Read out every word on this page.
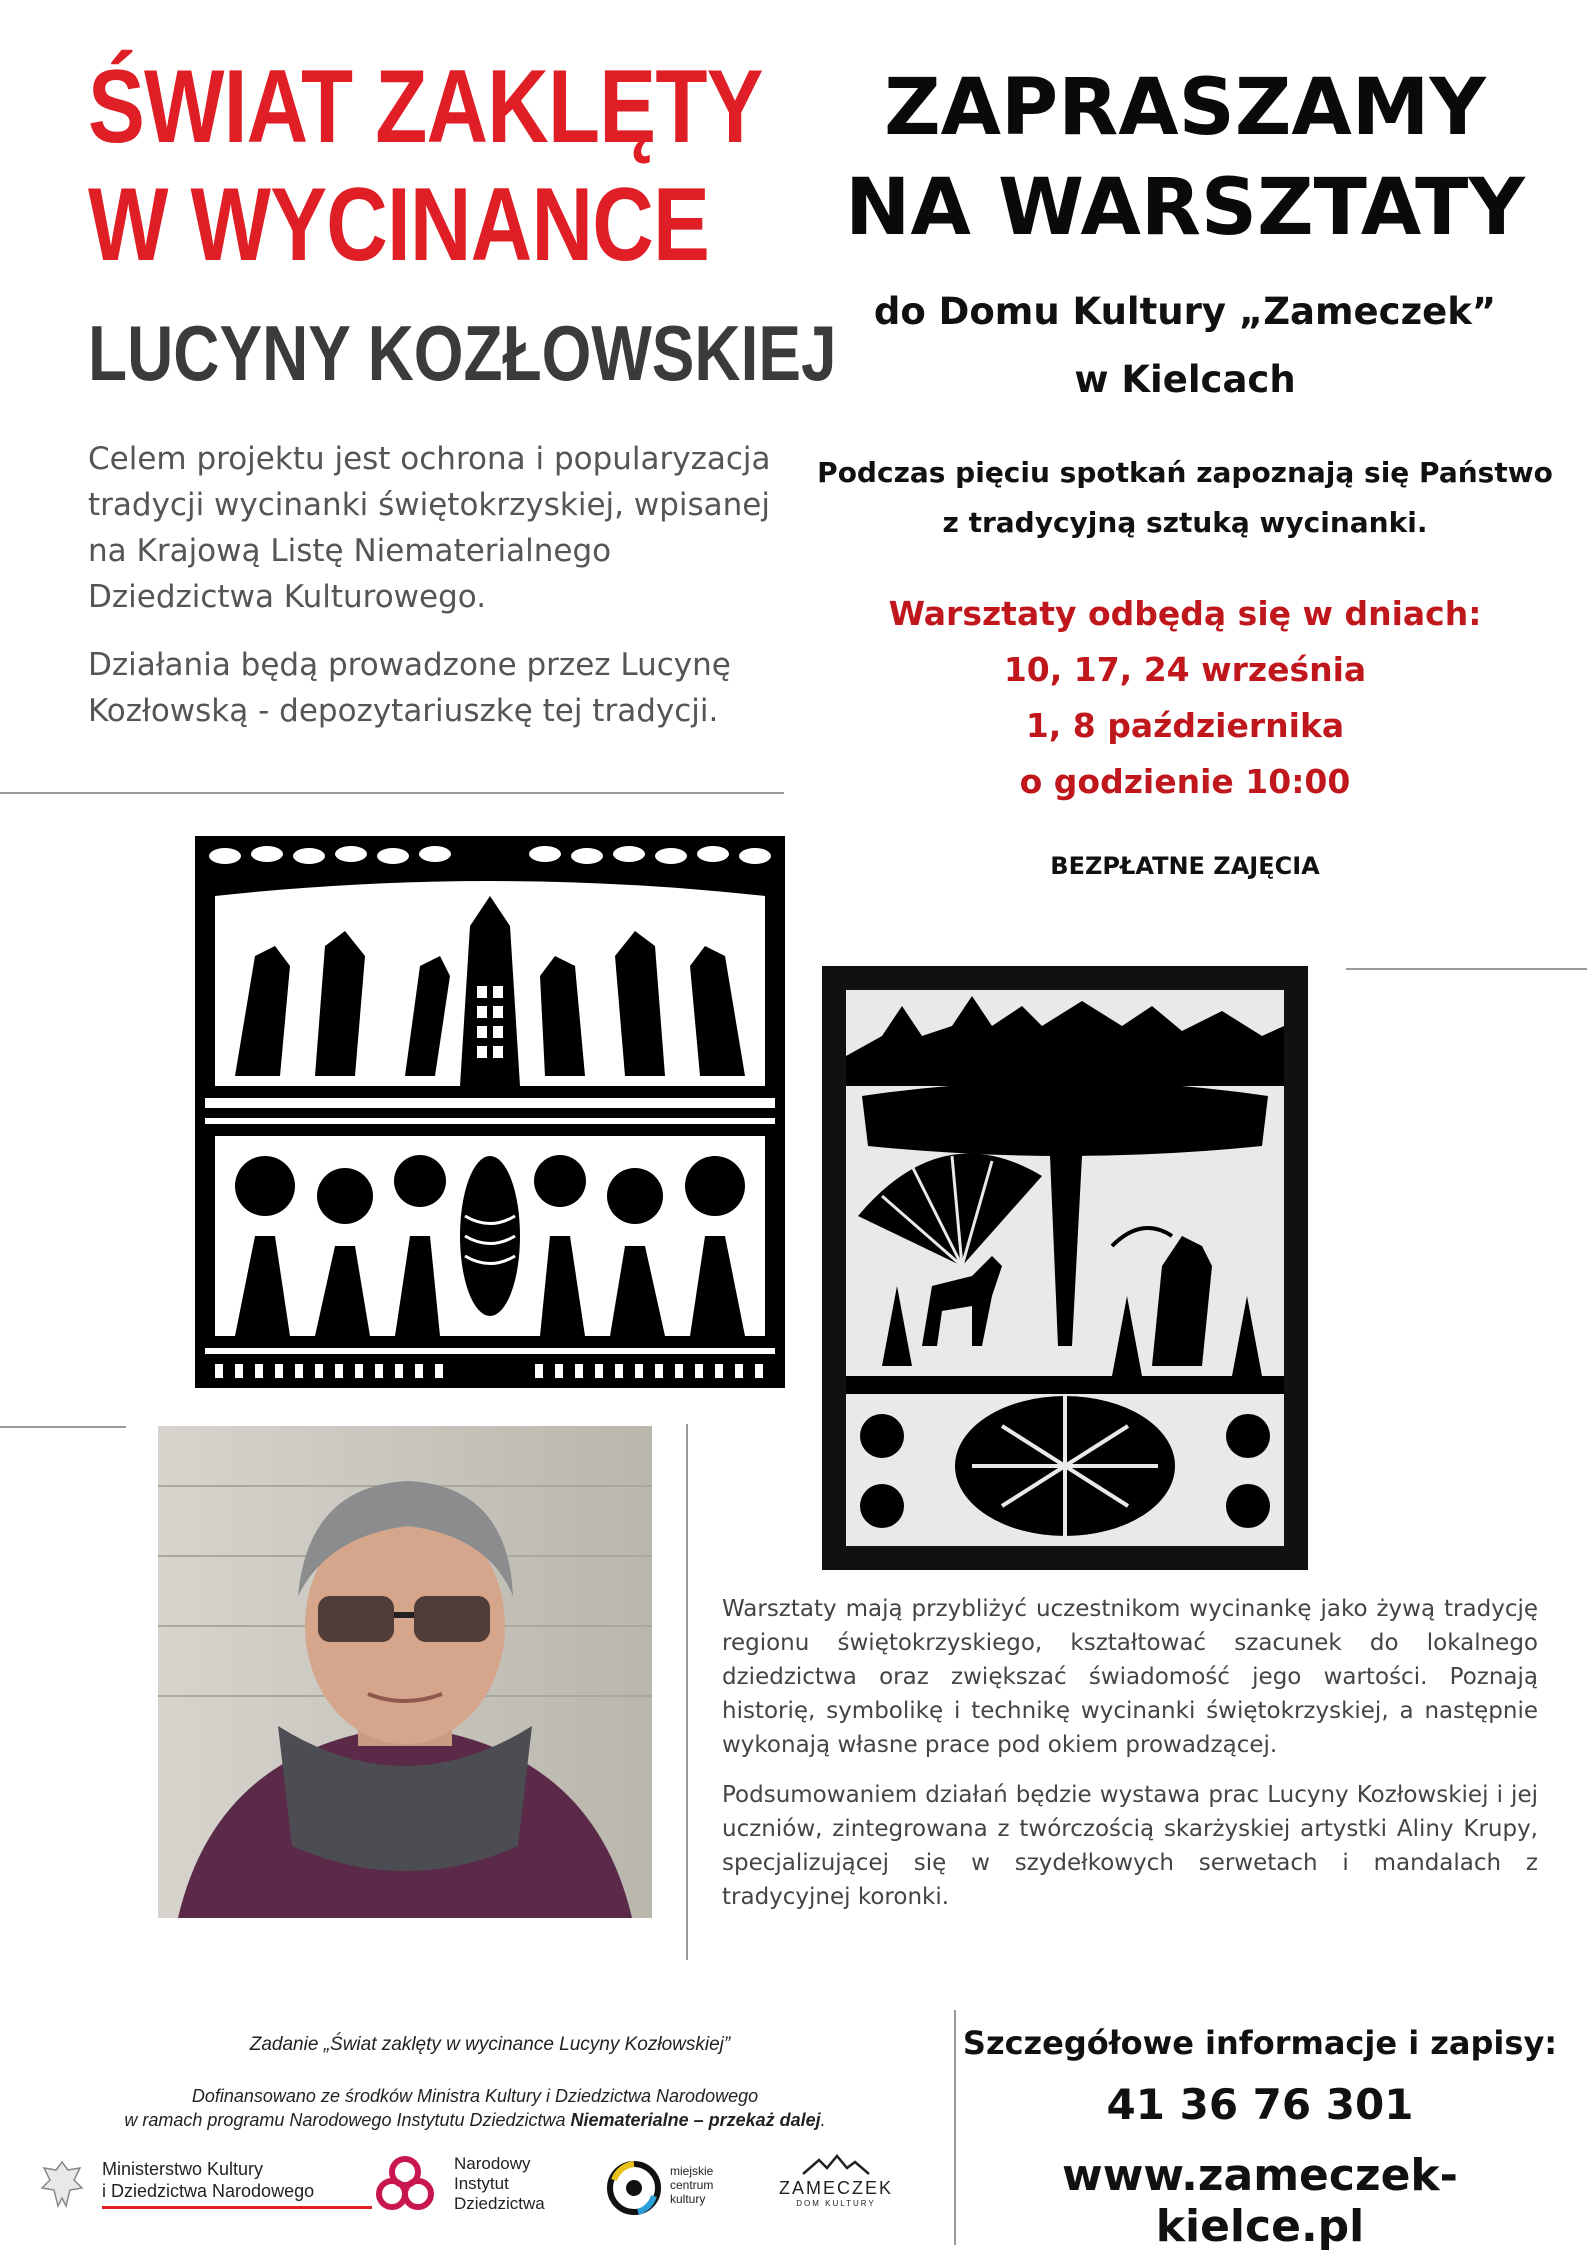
ŚWIAT ZAKLĘTY
W WYCINANCE
LUCYNY KOZŁOWSKIEJ

Celem projektu jest ochrona i popularyzacja tradycji wycinanki świętokrzyskiej, wpisanej na Krajową Listę Niematerialnego Dziedzictwa Kulturowego.

Działania będą prowadzone przez Lucynę Kozłowską - depozytariuszkę tej tradycji.

ZAPRASZAMY
NA WARSZTATY
do Domu Kultury „Zameczek”
w Kielcach
Podczas pięciu spotkań zapoznają się Państwo
z tradycyjną sztuką wycinanki.
Warsztaty odbędą się w dniach:
10, 17, 24 września
1, 8 października
o godzienie 10:00
BEZPŁATNE ZAJĘCIA

Warsztaty mają przybliżyć uczestnikom wycinankę jako żywą tradycję regionu świętokrzyskiego, kształtować szacunek do lokalnego dziedzictwa oraz zwiększać świadomość jego wartości. Poznają historię, symbolikę i technikę wycinanki świętokrzyskiej, a następnie wykonają własne prace pod okiem prowadzącej.

Podsumowaniem działań będzie wystawa prac Lucyny Kozłowskiej i jej uczniów, zintegrowana z twórczością skarżyskiej artystki Aliny Krupy, specjalizującej się w szydełkowych serwetach i mandalach z tradycyjnej koronki.

Zadanie „Świat zaklęty w wycinance Lucyny Kozłowskiej”
Dofinansowano ze środków Ministra Kultury i Dziedzictwa Narodowego
w ramach programu Narodowego Instytutu Dziedzictwa Niematerialne – przekaż dalej.
Ministerstwo Kultury
i Dziedzictwa Narodowego
Narodowy
Instytut
Dziedzictwa
miejskie
centrum
kultury
ZAMECZEK
DOM KULTURY
Szczegółowe informacje i zapisy:
41 36 76 301
www.zameczek-kielce.pl
